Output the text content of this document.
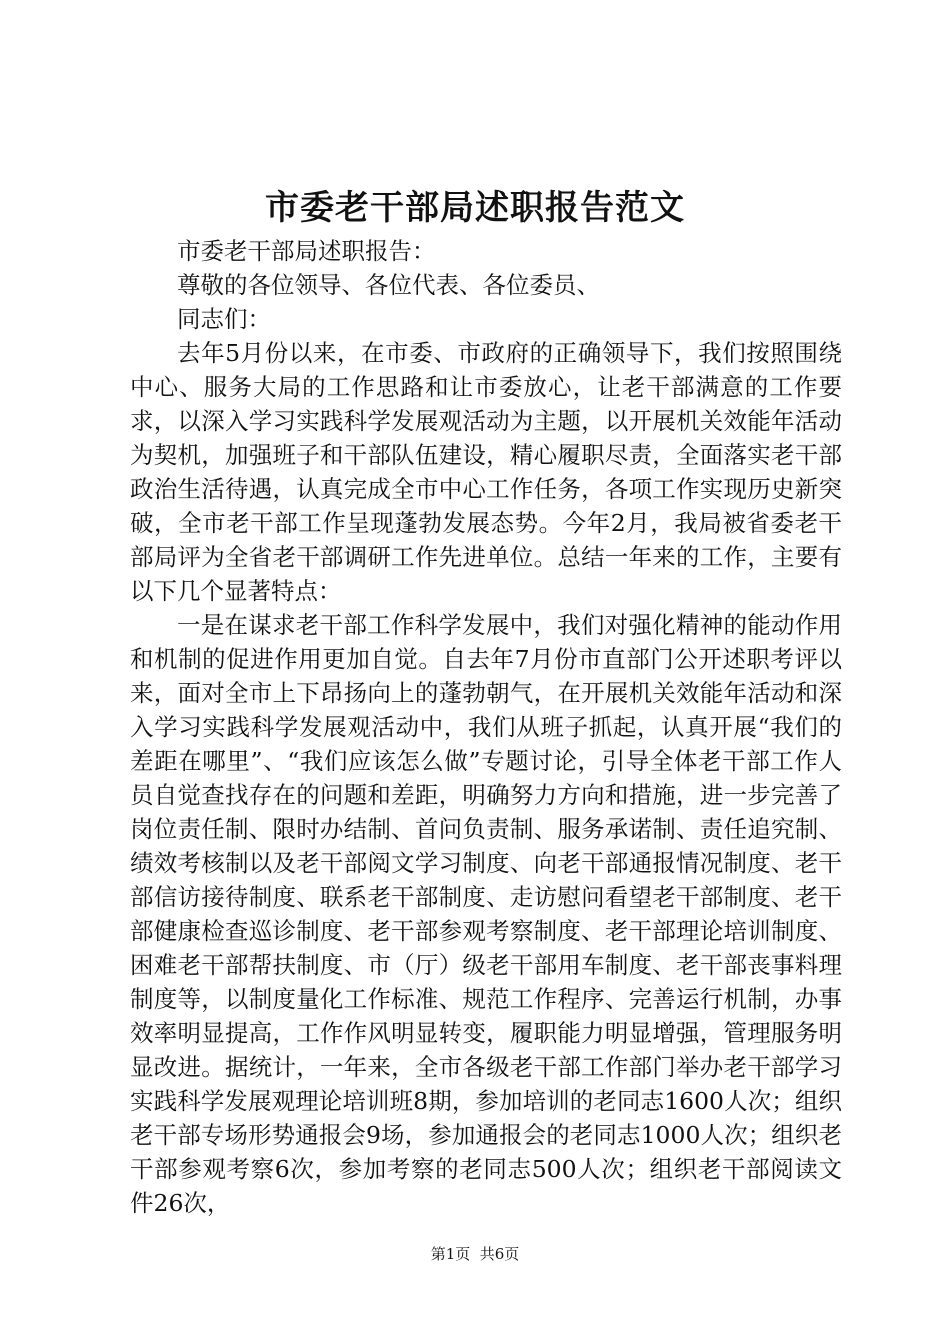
市委老干部局述职报告范文

市委老干部局述职报告：

尊敬的各位领导、各位代表、各位委员、

同志们：

去年5月份以来，在市委、市政府的正确领导下，我们按照围绕中心、服务大局的工作思路和让市委放心，让老干部满意的工作要求，以深入学习实践科学发展观活动为主题，以开展机关效能年活动为契机，加强班子和干部队伍建设，精心履职尽责，全面落实老干部政治生活待遇，认真完成全市中心工作任务，各项工作实现历史新突破，全市老干部工作呈现蓬勃发展态势。今年2月，我局被省委老干部局评为全省老干部调研工作先进单位。总结一年来的工作，主要有以下几个显著特点：

一是在谋求老干部工作科学发展中，我们对强化精神的能动作用和机制的促进作用更加自觉。自去年7月份市直部门公开述职考评以来，面对全市上下昂扬向上的蓬勃朝气，在开展机关效能年活动和深入学习实践科学发展观活动中，我们从班子抓起，认真开展“我们的差距在哪里”、“我们应该怎么做”专题讨论，引导全体老干部工作人员自觉查找存在的问题和差距，明确努力方向和措施，进一步完善了岗位责任制、限时办结制、首问负责制、服务承诺制、责任追究制、绩效考核制以及老干部阅文学习制度、向老干部通报情况制度、老干部信访接待制度、联系老干部制度、走访慰问看望老干部制度、老干部健康检查巡诊制度、老干部参观考察制度、老干部理论培训制度、困难老干部帮扶制度、市（厅）级老干部用车制度、老干部丧事料理制度等，以制度量化工作标准、规范工作程序、完善运行机制，办事效率明显提高，工作作风明显转变，履职能力明显增强，管理服务明显改进。据统计，一年来，全市各级老干部工作部门举办老干部学习实践科学发展观理论培训班8期，参加培训的老同志1600人次；组织老干部专场形势通报会9场，参加通报会的老同志1000人次；组织老干部参观考察6次，参加考察的老同志500人次；组织老干部阅读文件26次，

第1页  共6页
